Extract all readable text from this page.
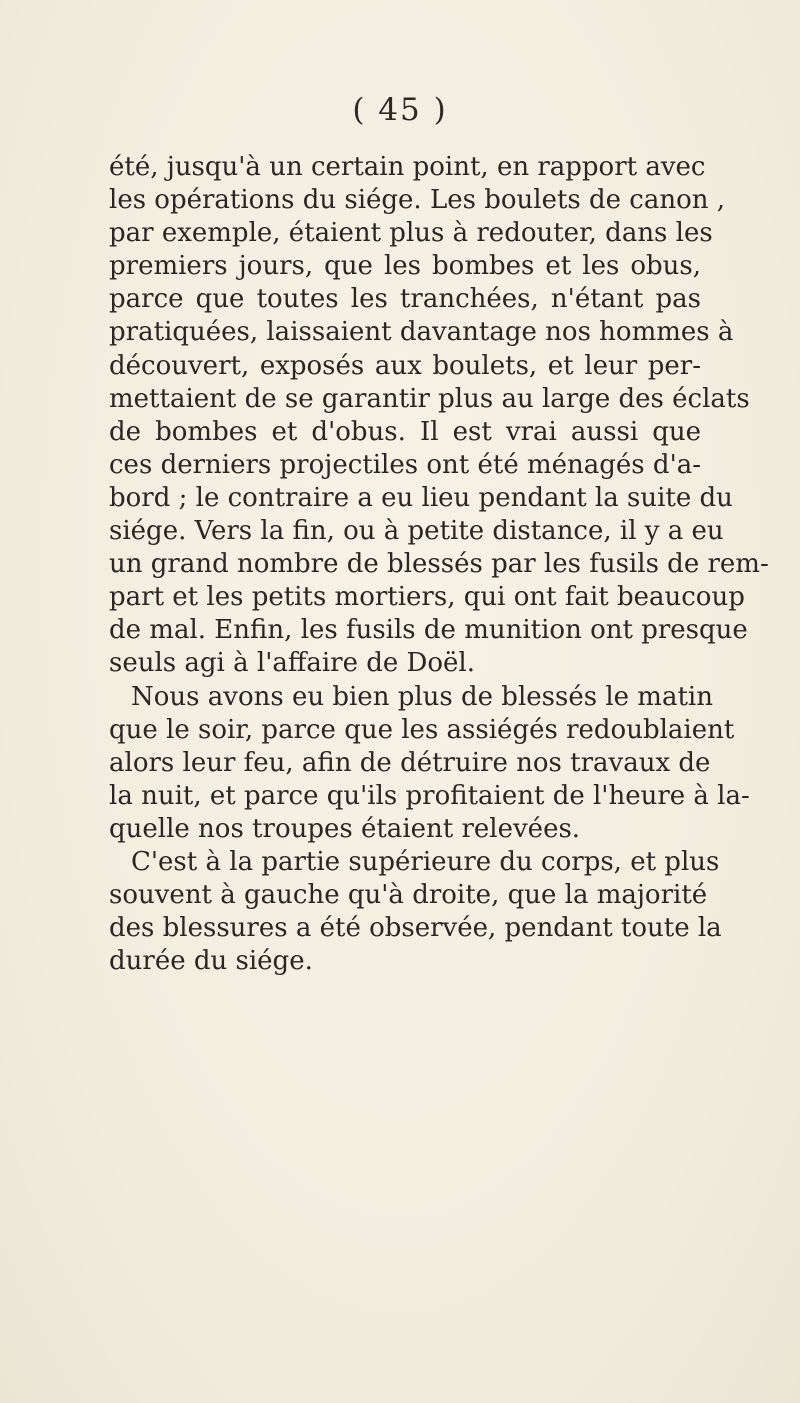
( 45 )
été, jusqu'à un certain point, en rapport avec
les opérations du siége. Les boulets de canon ,
par exemple, étaient plus à redouter, dans les
premiers jours, que les bombes et les obus,
parce que toutes les tranchées, n'étant pas
pratiquées, laissaient davantage nos hommes à
découvert, exposés aux boulets, et leur per-
mettaient de se garantir plus au large des éclats
de bombes et d'obus. Il est vrai aussi que
ces derniers projectiles ont été ménagés d'a-
bord ; le contraire a eu lieu pendant la suite du
siége. Vers la fin, ou à petite distance, il y a eu
un grand nombre de blessés par les fusils de rem-
part et les petits mortiers, qui ont fait beaucoup
de mal. Enfin, les fusils de munition ont presque
seuls agi à l'affaire de Doël.
Nous avons eu bien plus de blessés le matin
que le soir, parce que les assiégés redoublaient
alors leur feu, afin de détruire nos travaux de
la nuit, et parce qu'ils profitaient de l'heure à la-
quelle nos troupes étaient relevées.
C'est à la partie supérieure du corps, et plus
souvent à gauche qu'à droite, que la majorité
des blessures a été observée, pendant toute la
durée du siége.
